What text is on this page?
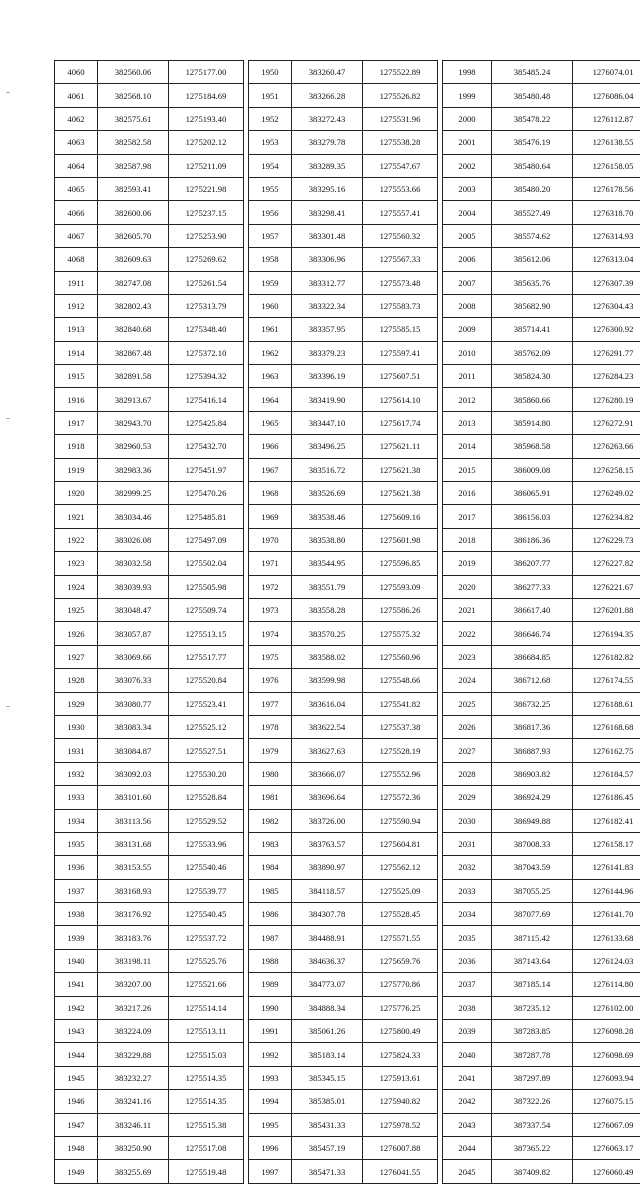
4060	382560.06	1275177.00
4061	382568.10	1275184.69
4062	382575.61	1275193.40
4063	382582.58	1275202.12
4064	382587.98	1275211.09
4065	382593.41	1275221.98
4066	382600.06	1275237.15
4067	382605.70	1275253.90
4068	382609.63	1275269.62
1911	382747.08	1275261.54
1912	382802.43	1275313.79
1913	382840.68	1275348.40
1914	382867.48	1275372.10
1915	382891.58	1275394.32
1916	382913.67	1275416.14
1917	382943.70	1275425.84
1918	382960.53	1275432.70
1919	382983.36	1275451.97
1920	382999.25	1275470.26
1921	383034.46	1275485.81
1922	383026.08	1275497.09
1923	383032.58	1275502.04
1924	383039.93	1275505.98
1925	383048.47	1275509.74
1926	383057.87	1275513.15
1927	383069.66	1275517.77
1928	383076.33	1275520.84
1929	383080.77	1275523.41
1930	383083.34	1275525.12
1931	383084.87	1275527.51
1932	383092.03	1275530.20
1933	383101.60	1275528.84
1934	383113.56	1275529.52
1935	383131.68	1275533.96
1936	383153.55	1275540.46
1937	383168.93	1275539.77
1938	383176.92	1275540.45
1939	383183.76	1275537.72
1940	383198.11	1275525.76
1941	383207.00	1275521.66
1942	383217.26	1275514.14
1943	383224.09	1275513.11
1944	383229.88	1275515.03
1945	383232.27	1275514.35
1946	383241.16	1275514.35
1947	383246.11	1275515.38
1948	383250.90	1275517.08
1949	383255.69	1275519.48
1950	383260.47	1275522.89
1951	383266.28	1275526.82
1952	383272.43	1275531.96
1953	383279.78	1275538.28
1954	383289.35	1275547.67
1955	383295.16	1275553.66
1956	383298.41	1275557.41
1957	383301.48	1275560.32
1958	383306.96	1275567.33
1959	383312.77	1275573.48
1960	383322.34	1275583.73
1961	383357.95	1275585.15
1962	383379.23	1275597.41
1963	383396.19	1275607.51
1964	383419.90	1275614.10
1965	383447.10	1275617.74
1966	383496.25	1275621.11
1967	383516.72	1275621.38
1968	383526.69	1275621.38
1969	383538.46	1275609.16
1970	383538.80	1275601.98
1971	383544.95	1275596.85
1972	383551.79	1275593.09
1973	383558.28	1275586.26
1974	383570.25	1275575.32
1975	383588.02	1275560.96
1976	383599.98	1275548.66
1977	383616.04	1275541.82
1978	383622.54	1275537.38
1979	383627.63	1275528.19
1980	383666.07	1275552.96
1981	383696.64	1275572.36
1982	383726.00	1275590.94
1983	383763.57	1275604.81
1984	383890.97	1275562.12
1985	384118.57	1275525.09
1986	384307.78	1275528.45
1987	384488.91	1275571.55
1988	384636.37	1275659.76
1989	384773.07	1275770.86
1990	384888.34	1275776.25
1991	385061.26	1275800.49
1992	385183.14	1275824.33
1993	385345.15	1275913.61
1994	385385.01	1275940.82
1995	385431.33	1275978.52
1996	385457.19	1276007.88
1997	385471.33	1276041.55
1998	385485.24	1276074.01
1999	385480.48	1276086.04
2000	385478.22	1276112.87
2001	385476.19	1276138.55
2002	385480.64	1276158.05
2003	385480.20	1276178.56
2004	385527.49	1276318.70
2005	385574.62	1276314.93
2006	385612.06	1276313.04
2007	385635.76	1276307.39
2008	385682.90	1276304.43
2009	385714.41	1276300.92
2010	385762.09	1276291.77
2011	385824.30	1276284.23
2012	385860.66	1276280.19
2013	385914.80	1276272.91
2014	385968.58	1276263.66
2015	386009.08	1276258.15
2016	386065.91	1276249.02
2017	386156.03	1276234.82
2018	386186.36	1276229.73
2019	386207.77	1276227.82
2020	386277.33	1276221.67
2021	386617.40	1276201.88
2022	386646.74	1276194.35
2023	386684.85	1276182.82
2024	386712.68	1276174.55
2025	386732.25	1276188.61
2026	386817.36	1276168.68
2027	386887.93	1276162.75
2028	386903.82	1276184.57
2029	386924.29	1276186.45
2030	386949.88	1276182.41
2031	387008.33	1276158.17
2032	387043.59	1276141.83
2033	387055.25	1276144.96
2034	387077.69	1276141.70
2035	387115.42	1276133.68
2036	387143.64	1276124.03
2037	387185.14	1276114.80
2038	387235.12	1276102.00
2039	387283.85	1276098.28
2040	387287.78	1276098.69
2041	387297.89	1276093.94
2042	387322.26	1276075.15
2043	387337.54	1276067.09
2044	387365.22	1276063.17
2045	387409.82	1276060.49
